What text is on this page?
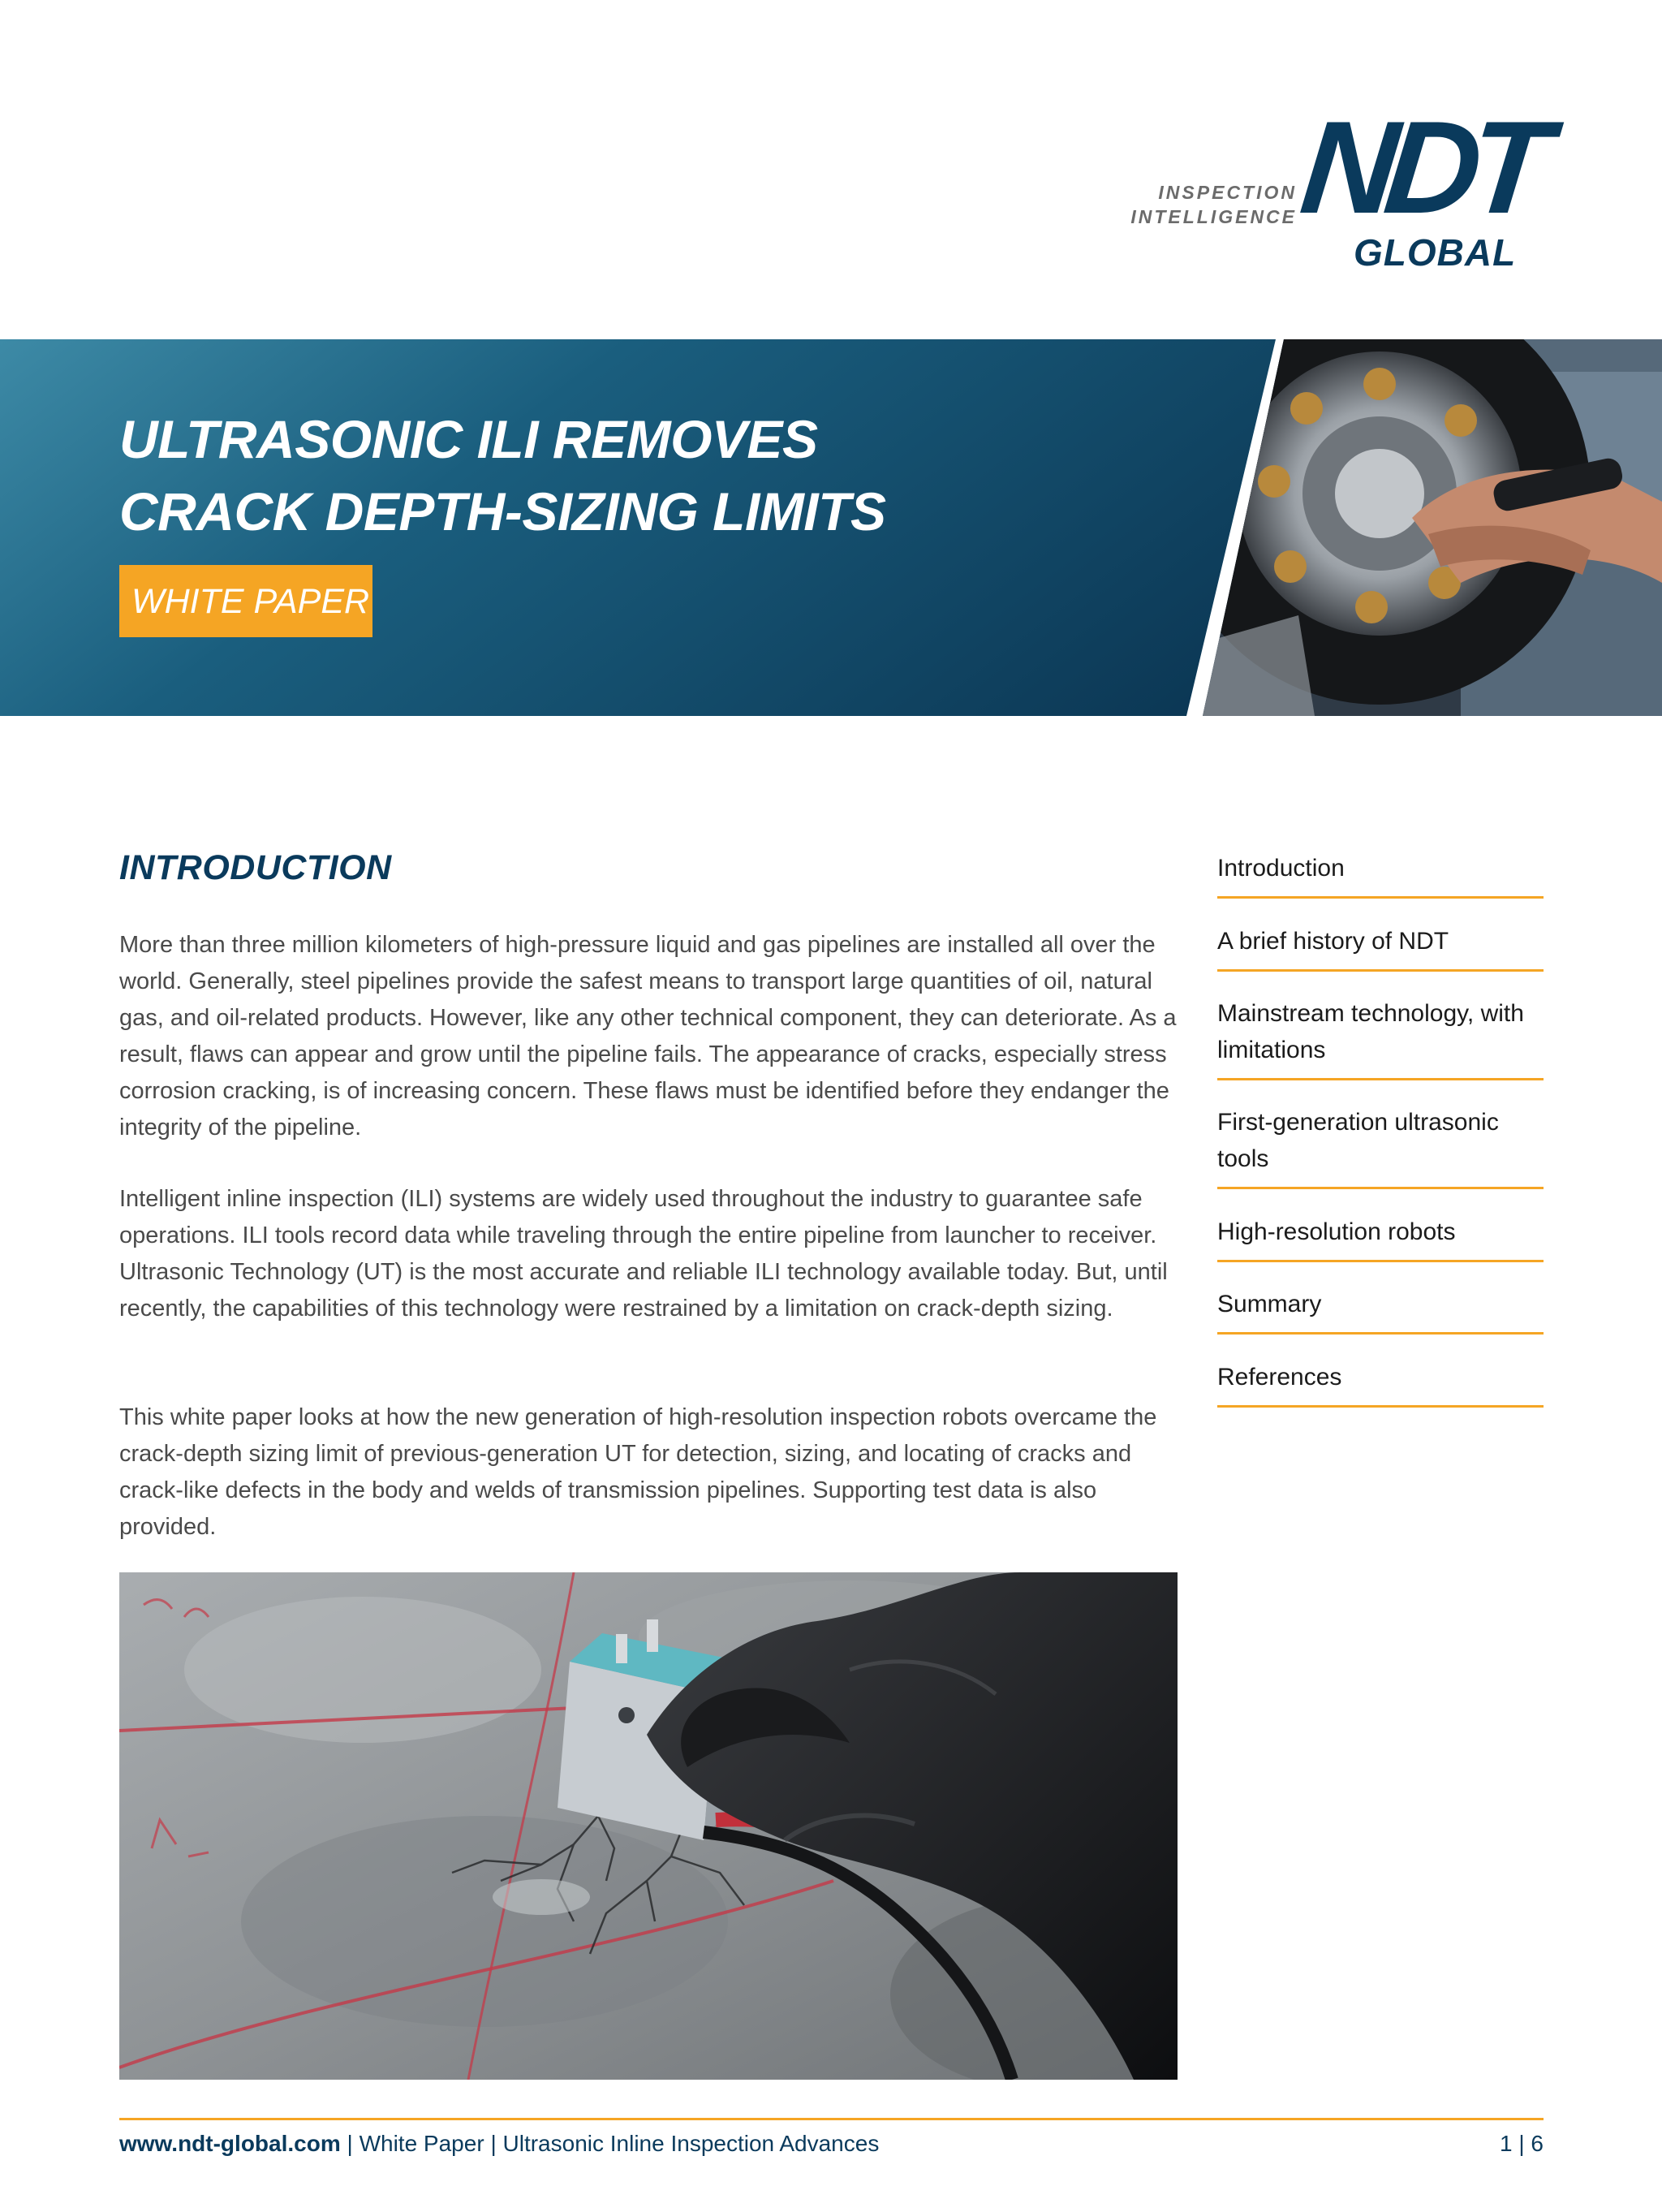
INSPECTION
INTELLIGENCE
NDT
GLOBAL
ULTRASONIC ILI REMOVES
CRACK DEPTH-SIZING LIMITS
WHITE PAPER
INTRODUCTION

More than three million kilometers of high-pressure liquid and gas pipelines are installed all over the world. Generally, steel pipelines provide the safest means to transport large quantities of oil, natural gas, and oil-related products. However, like any other technical component, they can deteriorate. As a result, flaws can appear and grow until the pipeline fails. The appearance of cracks, especially stress corrosion cracking, is of increasing concern. These flaws must be identified before they endanger the integrity of the pipeline.

Intelligent inline inspection (ILI) systems are widely used throughout the industry to guarantee safe operations. ILI tools record data while traveling through the entire pipeline from launcher to receiver. Ultrasonic Technology (UT) is the most accurate and reliable ILI technology available today. But, until recently, the capabilities of this technology were restrained by a limitation on crack-depth sizing.

This white paper looks at how the new generation of high-resolution inspection robots overcame the crack-depth sizing limit of previous-generation UT for detection, sizing, and locating of cracks and crack-like defects in the body and welds of transmission pipelines. Supporting test data is also provided.

Introduction
A brief history of NDT
Mainstream technology, with limitations
First-generation ultrasonic tools
High-resolution robots
Summary
References
www.ndt-global.com | White Paper | Ultrasonic Inline Inspection Advances	1 | 6
